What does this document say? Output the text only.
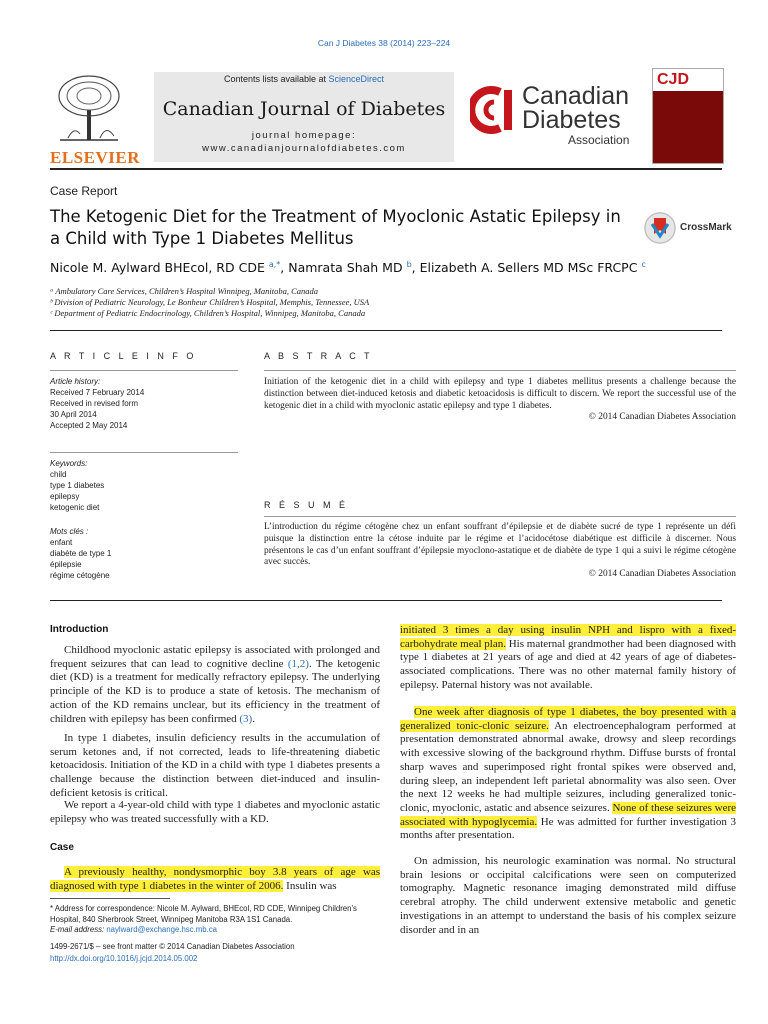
Can J Diabetes 38 (2014) 223–224
ELSEVIER
Contents lists available at ScienceDirect
Canadian Journal of Diabetes
journal homepage:
www.canadianjournalofdiabetes.com
Canadian
Diabetes
Association
CJD
Case Report
The Ketogenic Diet for the Treatment of Myoclonic Astatic Epilepsy in a Child with Type 1 Diabetes Mellitus
CrossMark
Nicole M. Aylward BHEcol, RD CDE $^{a,*}$, Namrata Shah MD $^b$, Elizabeth A. Sellers MD MSc FRCPC $^c$
ᵃ Ambulatory Care Services, Children’s Hospital Winnipeg, Manitoba, Canada
ᵇ Division of Pediatric Neurology, Le Bonheur Children’s Hospital, Memphis, Tennessee, USA
ᶜ Department of Pediatric Endocrinology, Children’s Hospital, Winnipeg, Manitoba, Canada
A R T I C L E I N F O	A B S T R A C T
Article history:
Received 7 February 2014
Received in revised form
30 April 2014
Accepted 2 May 2014
Keywords:
child
type 1 diabetes
epilepsy
ketogenic diet
Mots clés :
enfant
diabète de type 1
épilepsie
régime cétogène
Initiation of the ketogenic diet in a child with epilepsy and type 1 diabetes mellitus presents a challenge because the distinction between diet-induced ketosis and diabetic ketoacidosis is difficult to discern. We report the successful use of the ketogenic diet in a child with myoclonic astatic epilepsy and type 1 diabetes.
© 2014 Canadian Diabetes Association
R É S U M É
L’introduction du régime cétogène chez un enfant souffrant d’épilepsie et de diabète sucré de type 1 représente un défi puisque la distinction entre la cétose induite par le régime et l’acidocétose diabétique est difficile à discerner. Nous présentons le cas d’un enfant souffrant d’épilepsie myoclono-astatique et de diabète de type 1 qui a suivi le régime cétogène avec succès.
© 2014 Canadian Diabetes Association
Introduction

Childhood myoclonic astatic epilepsy is associated with prolonged and frequent seizures that can lead to cognitive decline (1,2). The ketogenic diet (KD) is a treatment for medically refractory epilepsy. The underlying principle of the KD is to produce a state of ketosis. The mechanism of action of the KD remains unclear, but its efficiency in the treatment of children with epilepsy has been confirmed (3).

In type 1 diabetes, insulin deficiency results in the accumulation of serum ketones and, if not corrected, leads to life-threatening diabetic ketoacidosis. Initiation of the KD in a child with type 1 diabetes presents a challenge because the distinction between diet-induced and insulin-deficient ketosis is critical.

We report a 4-year-old child with type 1 diabetes and myoclonic astatic epilepsy who was treated successfully with a KD.

Case

A previously healthy, nondysmorphic boy 3.8 years of age was diagnosed with type 1 diabetes in the winter of 2006. Insulin was

* Address for correspondence: Nicole M. Aylward, BHEcol, RD CDE, Winnipeg Children’s Hospital, 840 Sherbrook Street, Winnipeg Manitoba R3A 1S1 Canada.
E-mail address: naylward@exchange.hsc.mb.ca
1499-2671/$ – see front matter © 2014 Canadian Diabetes Association
http://dx.doi.org/10.1016/j.jcjd.2014.05.002

initiated 3 times a day using insulin NPH and lispro with a fixed-carbohydrate meal plan. His maternal grandmother had been diagnosed with type 1 diabetes at 21 years of age and died at 42 years of age of diabetes- associated complications. There was no other maternal family history of epilepsy. Paternal history was not available.

One week after diagnosis of type 1 diabetes, the boy presented with a generalized tonic-clonic seizure. An electroencephalogram performed at presentation demonstrated abnormal awake, drowsy and sleep recordings with excessive slowing of the background rhythm. Diffuse bursts of frontal sharp waves and superimposed right frontal spikes were observed and, during sleep, an independent left parietal abnormality was also seen. Over the next 12 weeks he had multiple seizures, including generalized tonic-clonic, myoclonic, astatic and absence seizures. None of these seizures were associated with hypoglycemia. He was admitted for further investigation 3 months after presentation.

On admission, his neurologic examination was normal. No structural brain lesions or occipital calcifications were seen on computerized tomography. Magnetic resonance imaging demonstrated mild diffuse cerebral atrophy. The child underwent extensive metabolic and genetic investigations in an attempt to understand the basis of his complex seizure disorder and in an
